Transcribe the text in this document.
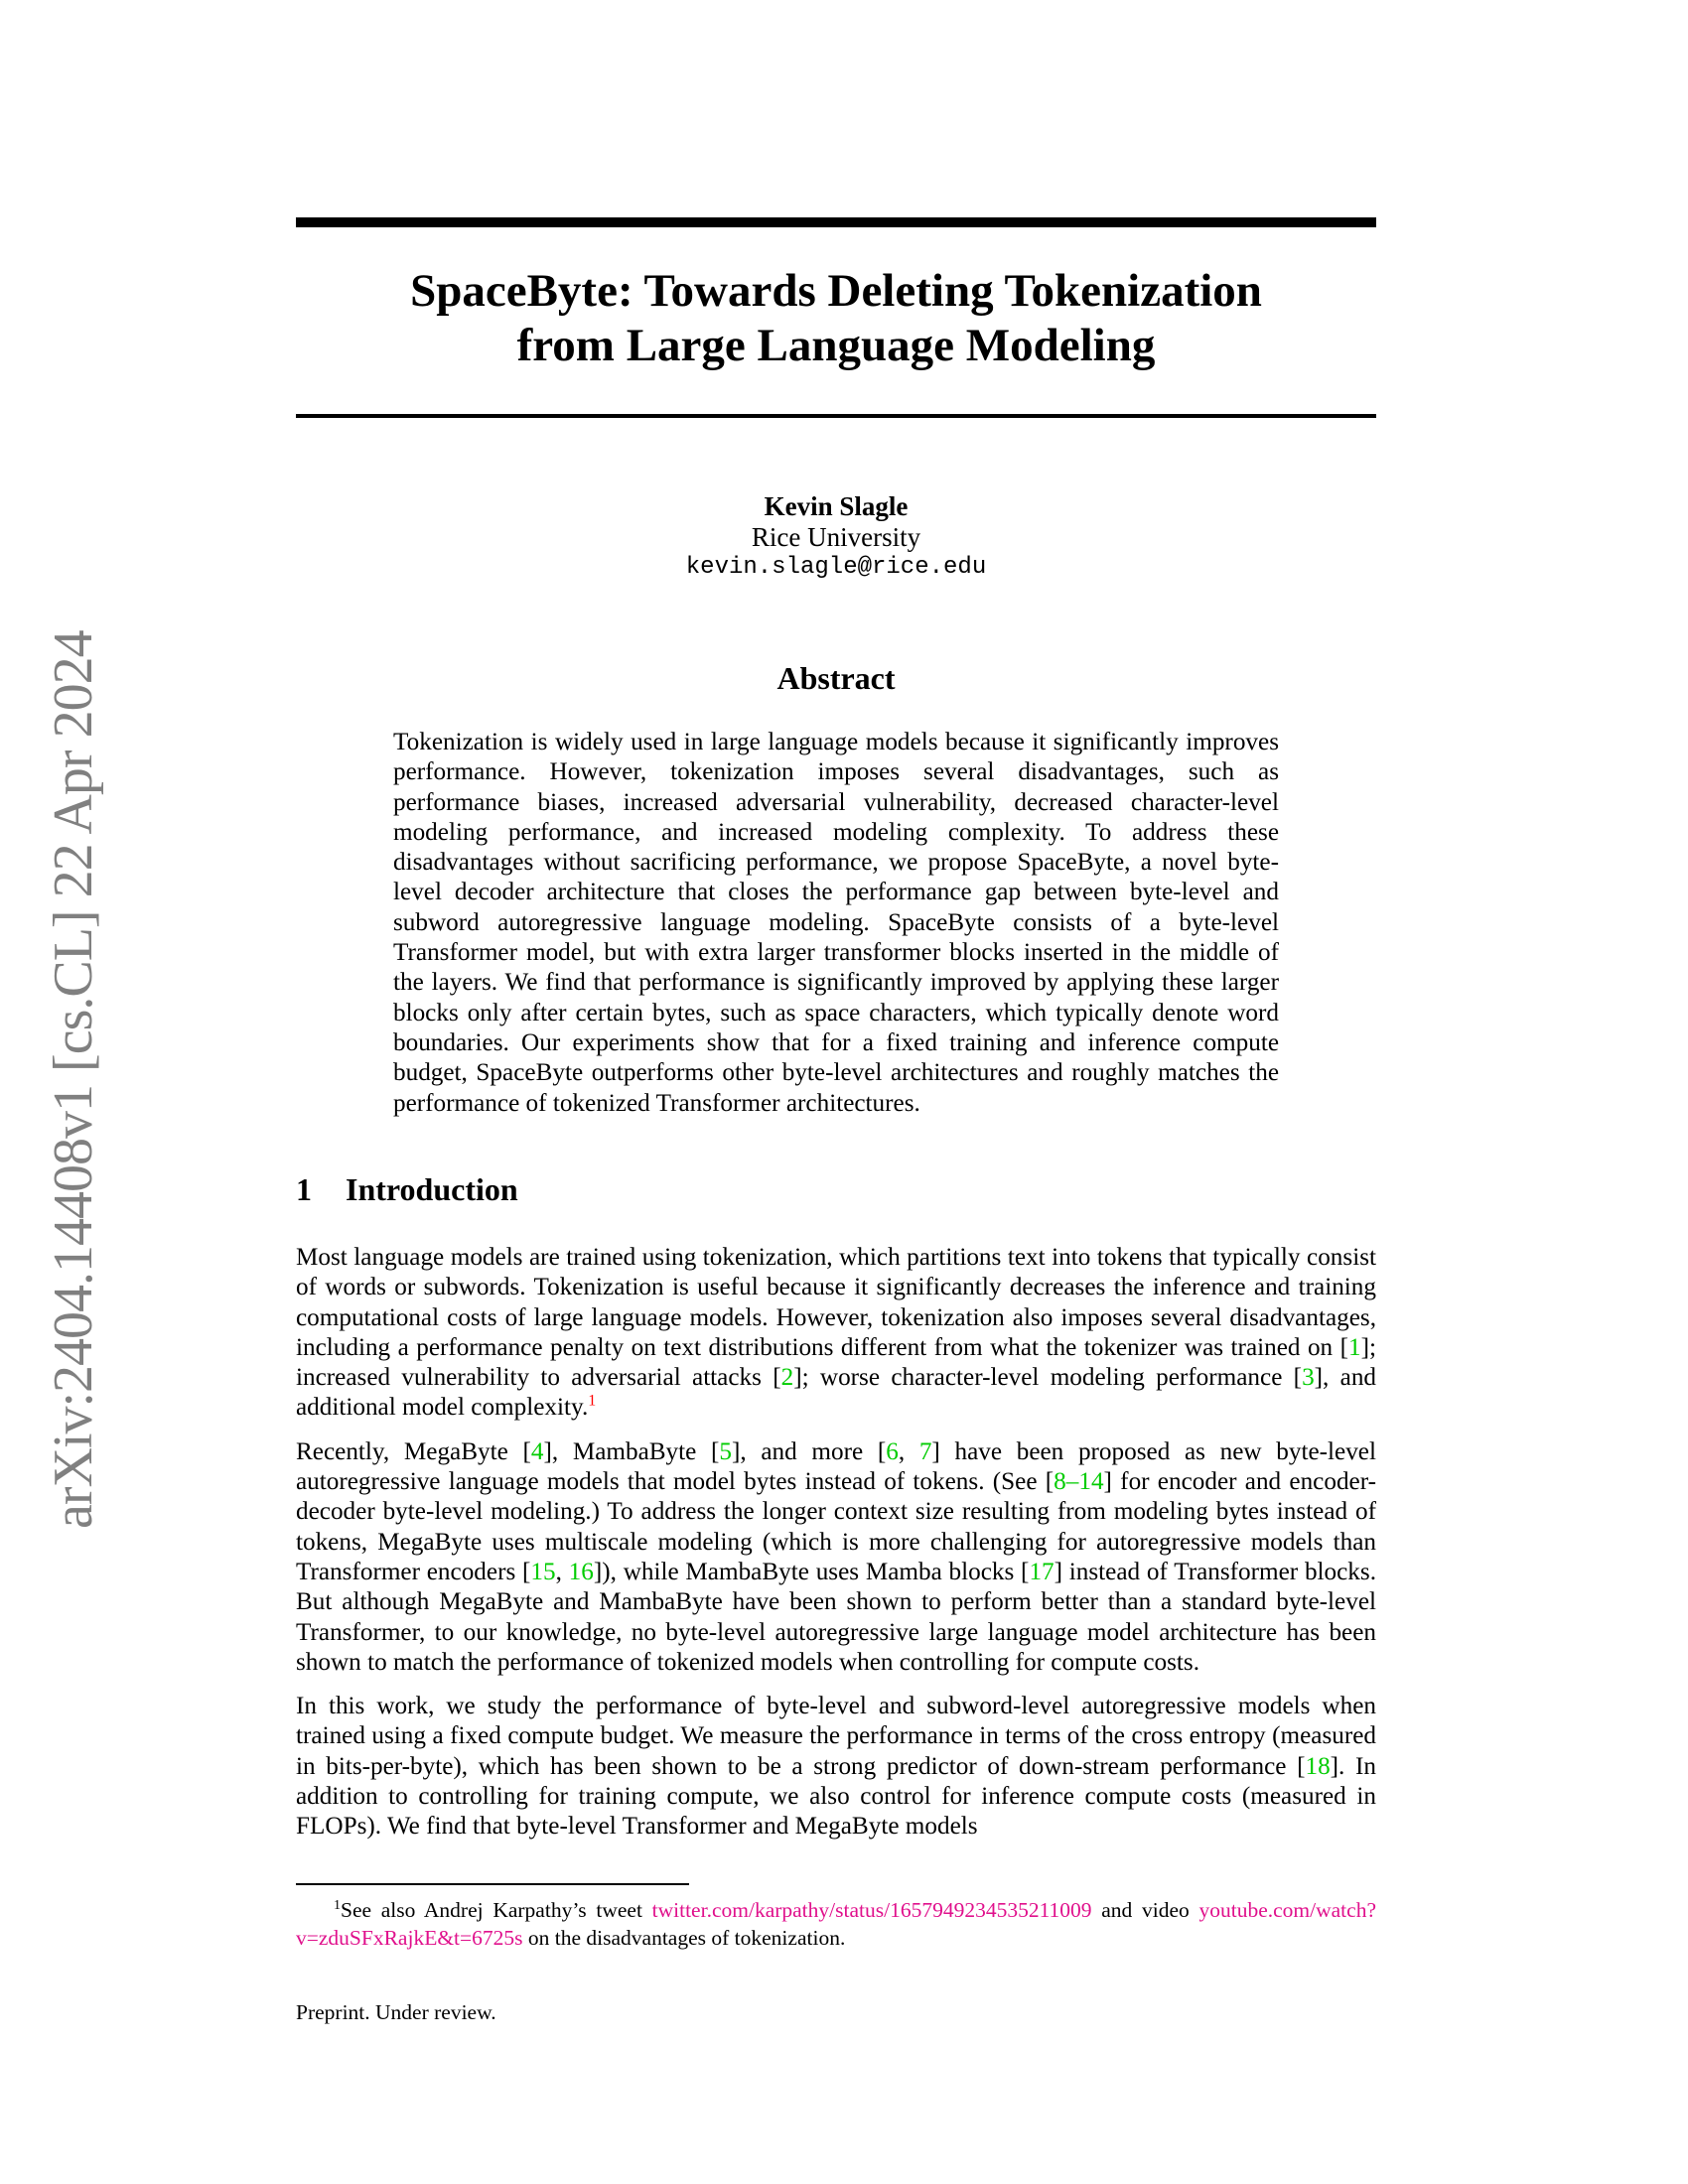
arXiv:2404.14408v1 [cs.CL] 22 Apr 2024
SpaceByte: Towards Deleting Tokenization
from Large Language Modeling
Kevin Slagle
Rice University
kevin.slagle@rice.edu
Abstract
Tokenization is widely used in large language models because it significantly improves performance. However, tokenization imposes several disadvantages, such as performance biases, increased adversarial vulnerability, decreased character-level modeling performance, and increased modeling complexity. To address these disadvantages without sacrificing performance, we propose SpaceByte, a novel byte-level decoder architecture that closes the performance gap between byte-level and subword autoregressive language modeling. SpaceByte consists of a byte-level Transformer model, but with extra larger transformer blocks inserted in the middle of the layers. We find that performance is significantly improved by applying these larger blocks only after certain bytes, such as space characters, which typically denote word boundaries. Our experiments show that for a fixed training and inference compute budget, SpaceByte outperforms other byte-level architectures and roughly matches the performance of tokenized Transformer architectures.
1 Introduction

Most language models are trained using tokenization, which partitions text into tokens that typically consist of words or subwords. Tokenization is useful because it significantly decreases the inference and training computational costs of large language models. However, tokenization also imposes several disadvantages, including a performance penalty on text distributions different from what the tokenizer was trained on [1]; increased vulnerability to adversarial attacks [2]; worse character-level modeling performance [3], and additional model complexity.$^1$

Recently, MegaByte [4], MambaByte [5], and more [6, 7] have been proposed as new byte-level autoregressive language models that model bytes instead of tokens. (See [8–14] for encoder and encoder-decoder byte-level modeling.) To address the longer context size resulting from modeling bytes instead of tokens, MegaByte uses multiscale modeling (which is more challenging for autoregressive models than Transformer encoders [15, 16]), while MambaByte uses Mamba blocks [17] instead of Transformer blocks. But although MegaByte and MambaByte have been shown to perform better than a standard byte-level Transformer, to our knowledge, no byte-level autoregressive large language model architecture has been shown to match the performance of tokenized models when controlling for compute costs.

In this work, we study the performance of byte-level and subword-level autoregressive models when trained using a fixed compute budget. We measure the performance in terms of the cross entropy (measured in bits-per-byte), which has been shown to be a strong predictor of down-stream performance [18]. In addition to controlling for training compute, we also control for inference compute costs (measured in FLOPs). We find that byte-level Transformer and MegaByte models

$^1$See also Andrej Karpathy’s tweet twitter.com/karpathy/status/1657949234535211009 and video youtube.com/watch?v=zduSFxRajkE&t=6725s on the disadvantages of tokenization.
Preprint. Under review.
